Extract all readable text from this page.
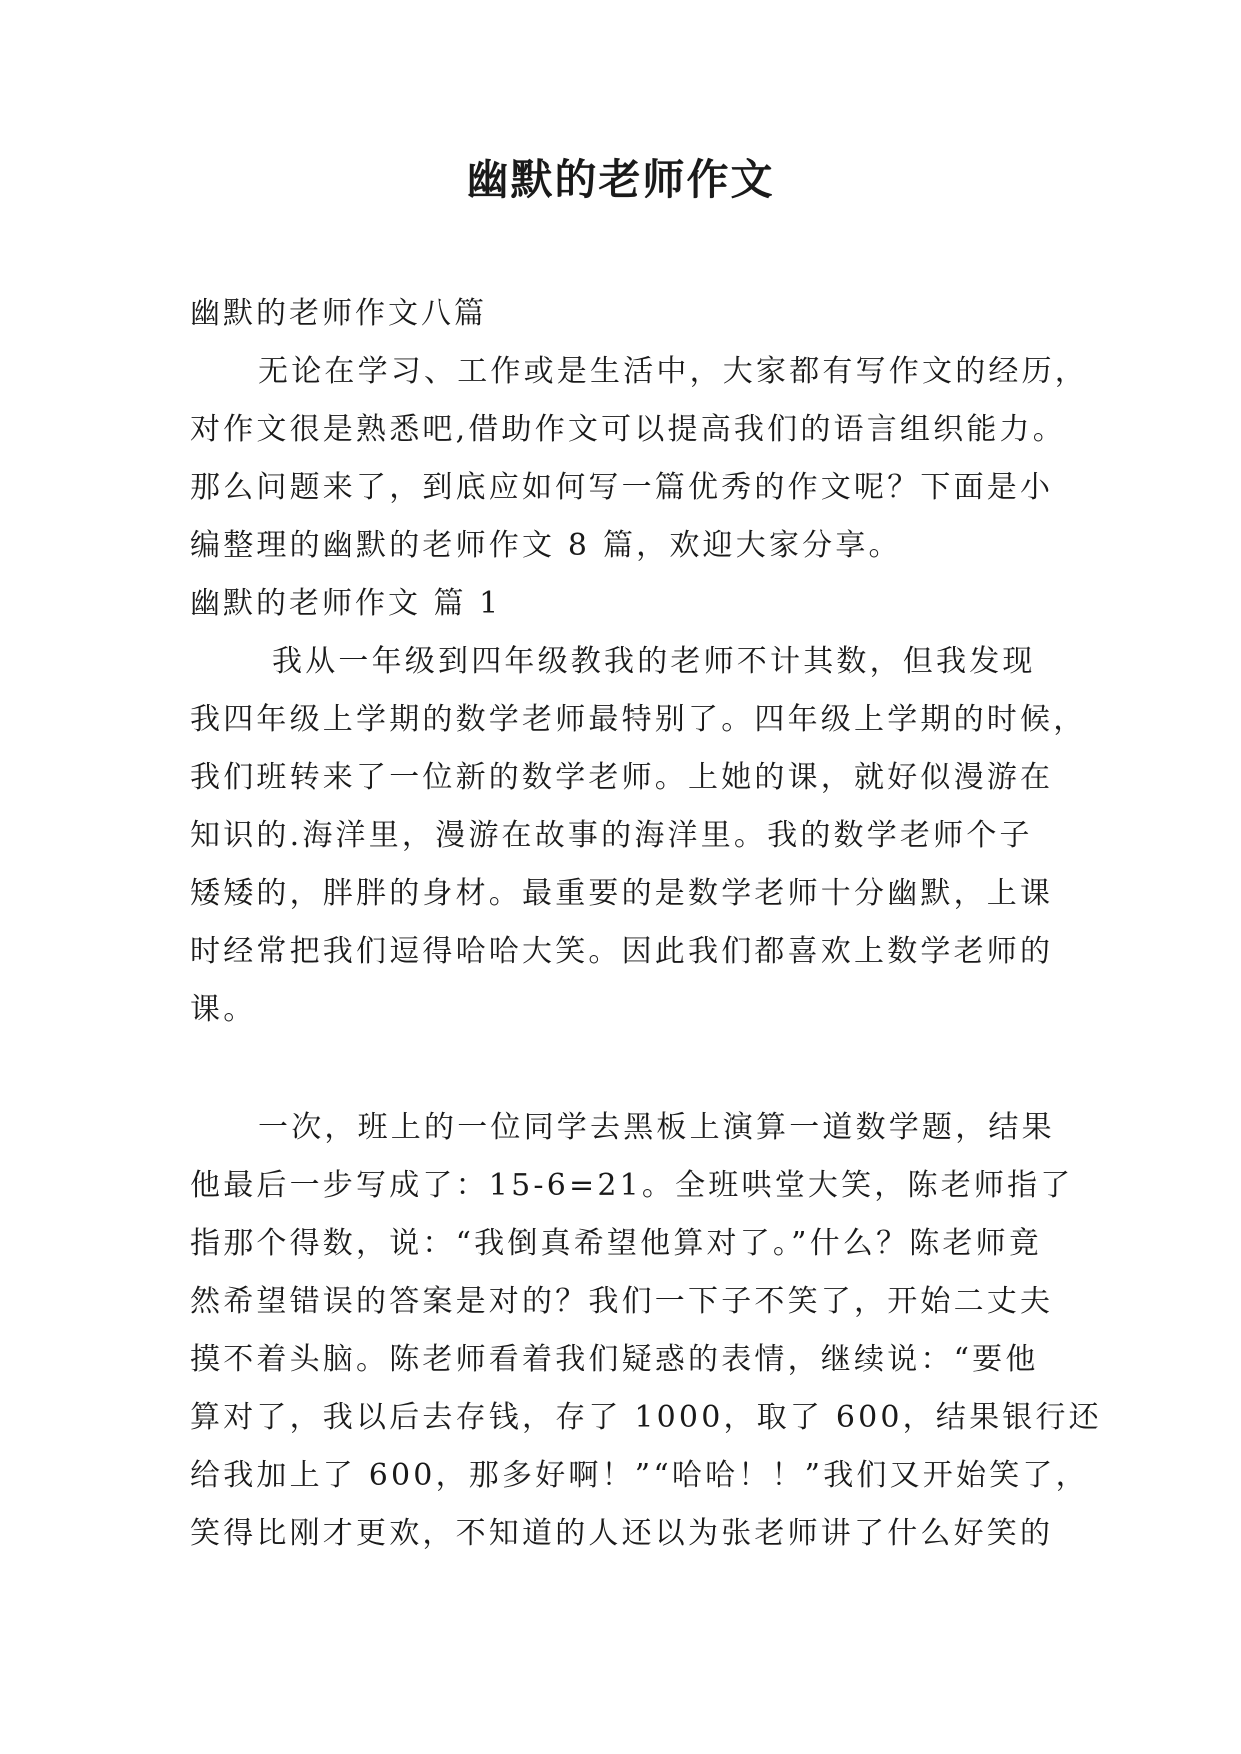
幽默的老师作文
幽默的老师作文八篇
无论在学习、工作或是生活中，大家都有写作文的经历，
对作文很是熟悉吧,借助作文可以提高我们的语言组织能力。
那么问题来了，到底应如何写一篇优秀的作文呢？下面是小
编整理的幽默的老师作文 8 篇，欢迎大家分享。
幽默的老师作文 篇 1
我从一年级到四年级教我的老师不计其数，但我发现
我四年级上学期的数学老师最特别了。四年级上学期的时候，
我们班转来了一位新的数学老师。上她的课，就好似漫游在
知识的.海洋里，漫游在故事的海洋里。我的数学老师个子
矮矮的，胖胖的身材。最重要的是数学老师十分幽默，上课
时经常把我们逗得哈哈大笑。因此我们都喜欢上数学老师的
课。
一次，班上的一位同学去黑板上演算一道数学题，结果
他最后一步写成了：15-6=21。全班哄堂大笑，陈老师指了
指那个得数，说：“我倒真希望他算对了。”什么？陈老师竟
然希望错误的答案是对的？我们一下子不笑了，开始二丈夫
摸不着头脑。陈老师看着我们疑惑的表情，继续说：“要他
算对了，我以后去存钱，存了 1000，取了 600，结果银行还
给我加上了 600，那多好啊！”“哈哈！！”我们又开始笑了，
笑得比刚才更欢，不知道的人还以为张老师讲了什么好笑的
